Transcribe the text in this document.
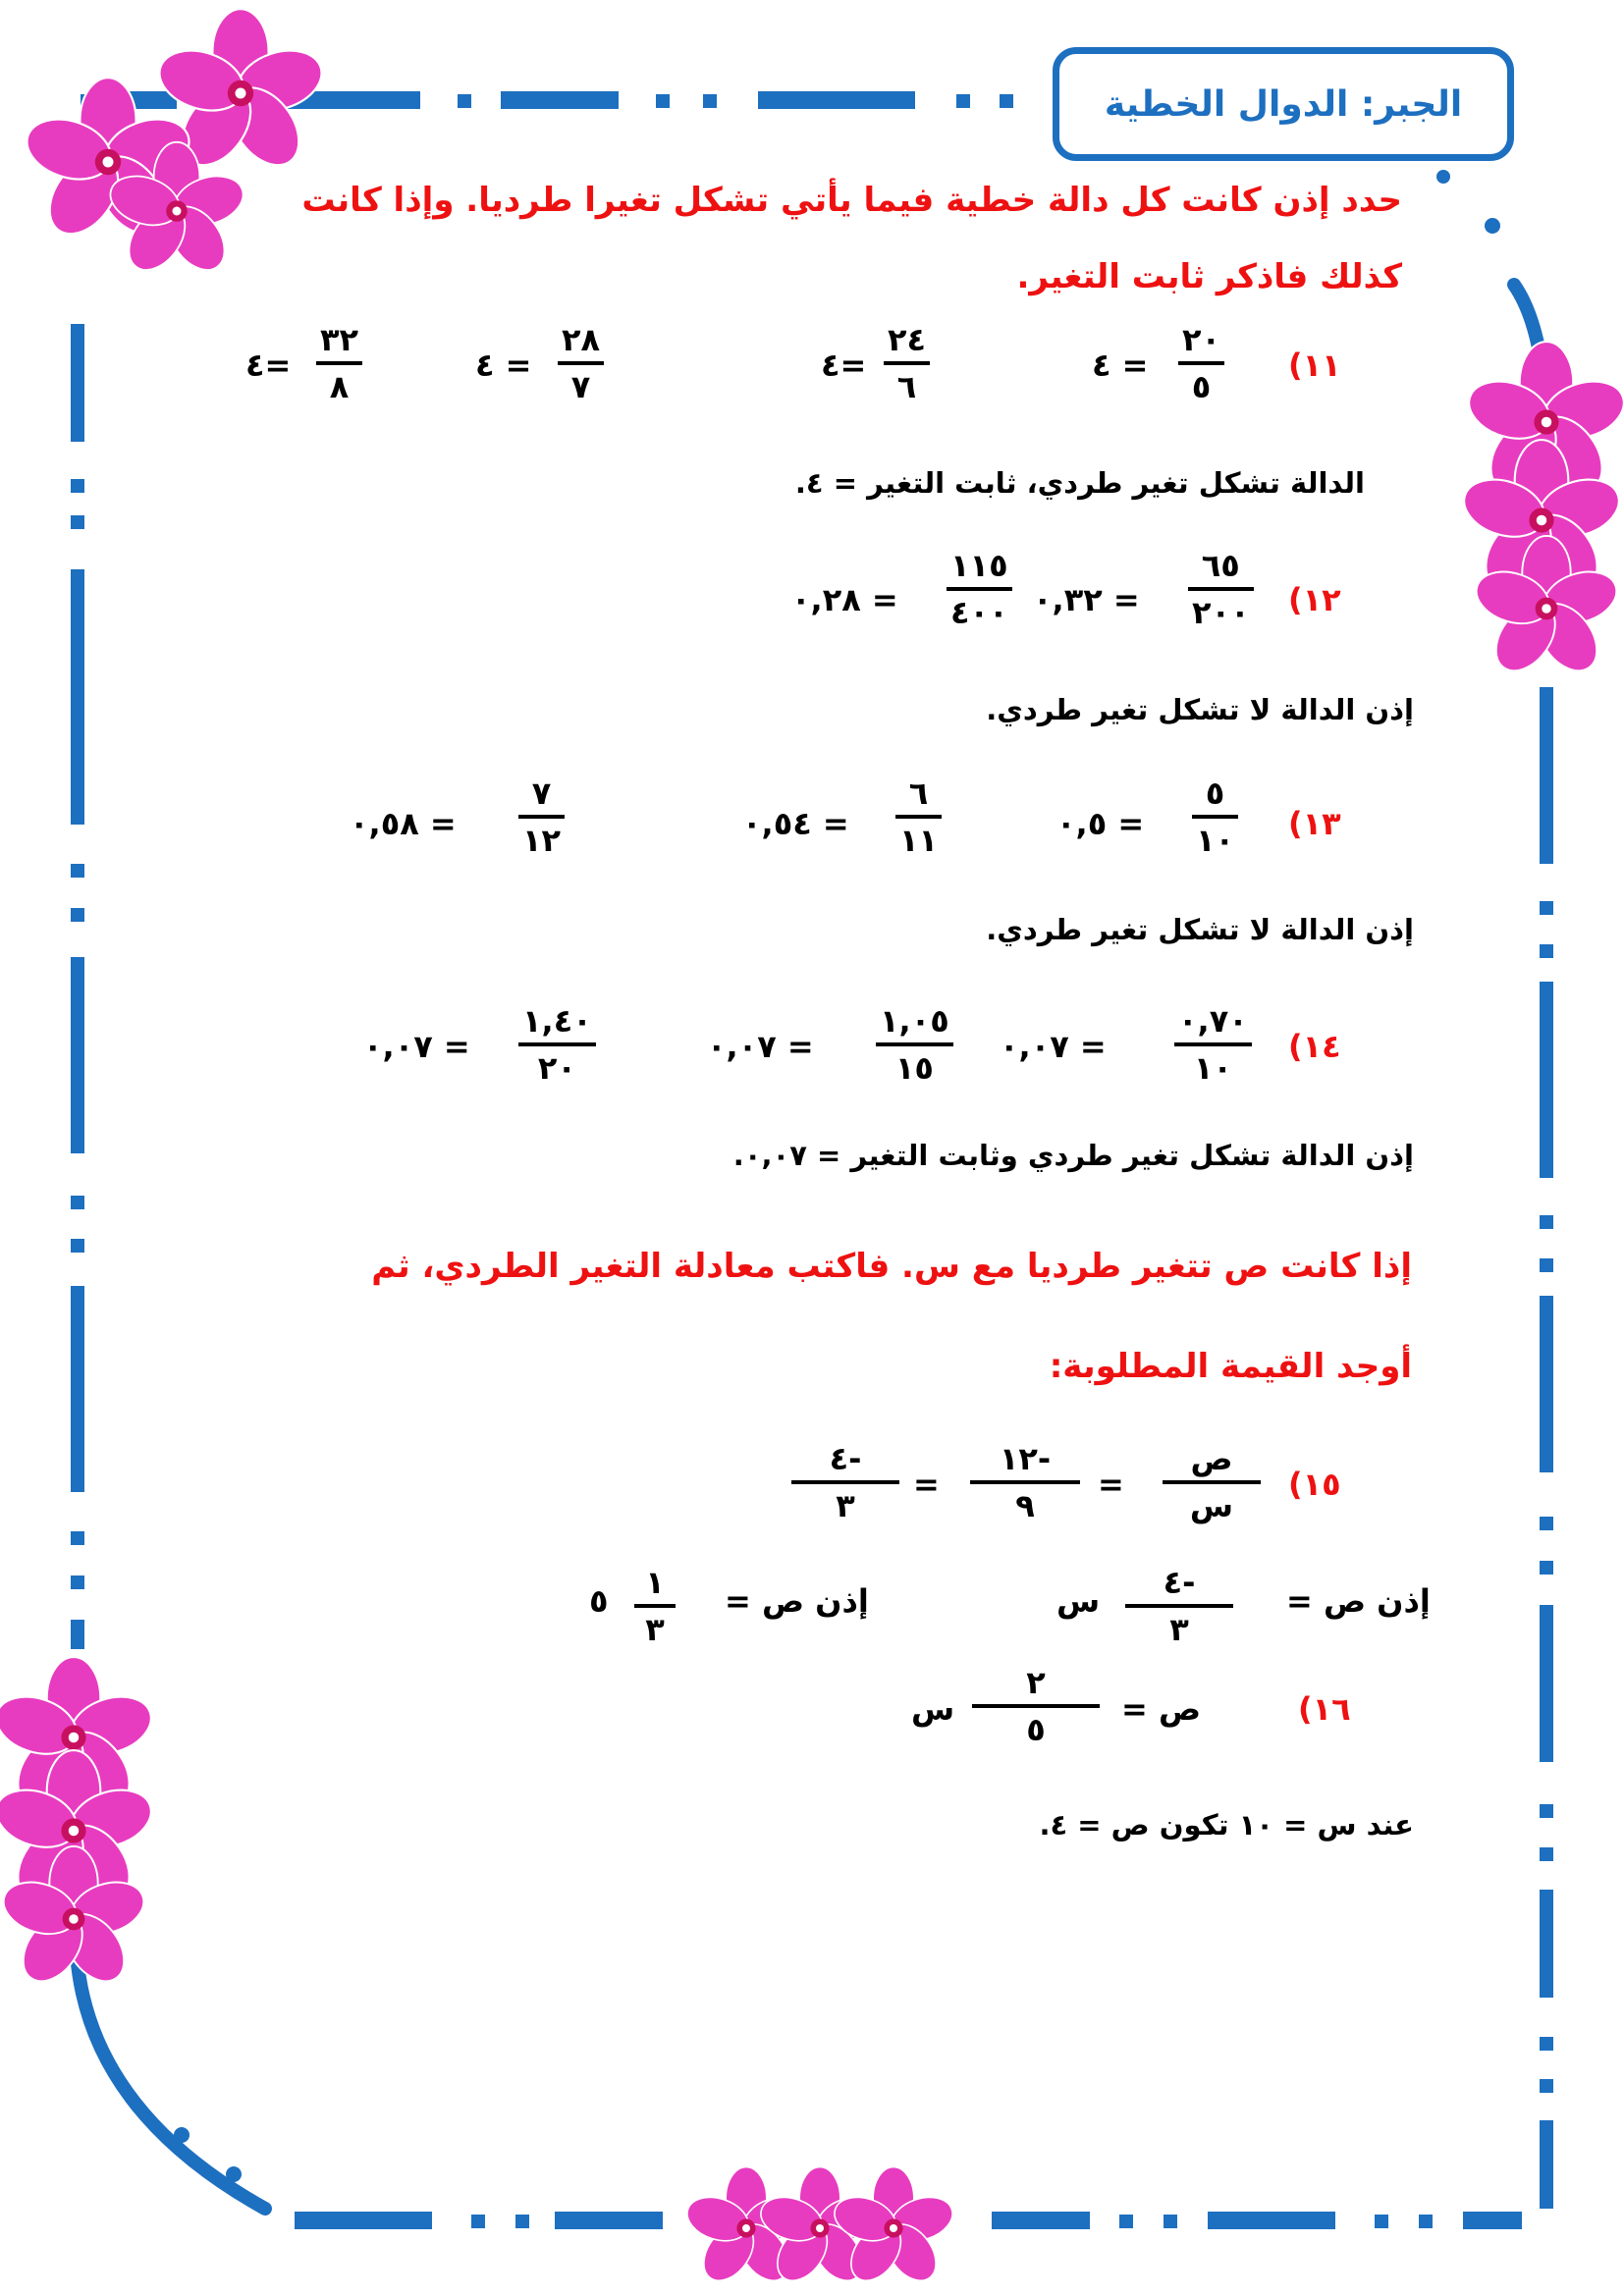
الجبر: الدوال الخطية
حدد إذن كانت كل دالة خطية فيما يأتي تشكل تغيرا طرديا. وإذا كانت
كذلك فاذكر ثابت التغير.
١١)
٢٠
٥
= ٤
٢٤
٦
=٤
٢٨
٧
= ٤
٣٢
٨
=٤
الدالة تشكل تغير طردي، ثابت التغير = ٤.
١٢)
٦٥
٢٠٠
= ٠,٣٢
١١٥
٤٠٠
= ٠,٢٨
إذن الدالة لا تشكل تغير طردي.
١٣)
٥
١٠
= ٠,٥
٦
١١
= ٠,٥٤
٧
١٢
= ٠,٥٨
إذن الدالة لا تشكل تغير طردي.
١٤)
٠,٧٠
١٠
= ٠,٠٧
١,٠٥
١٥
= ٠,٠٧
١,٤٠
٢٠
= ٠,٠٧
إذن الدالة تشكل تغير طردي وثابت التغير = ٠,٠٧.
إذا كانت ص تتغير طرديا مع س. فاكتب معادلة التغير الطردي، ثم
أوجد القيمة المطلوبة:
١٥)
ص
س
=
-١٢
٩
=
-٤
٣
إذن ص =
-٤
٣
س
إذن ص =
١
٣
٥
١٦)
ص =
٢
٥
س
عند س = ١٠ تكون ص = ٤.
